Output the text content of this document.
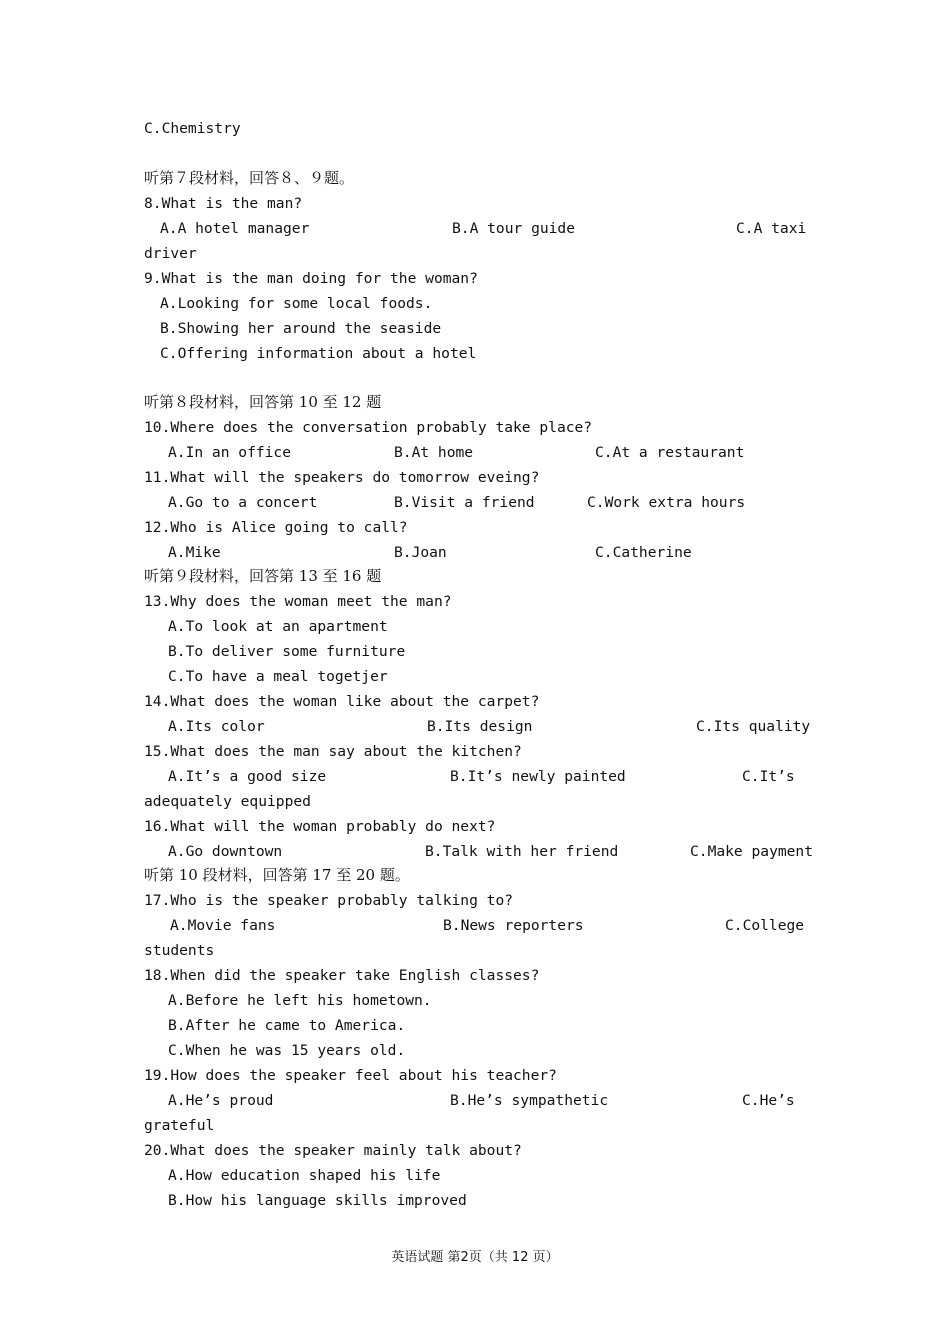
C.Chemistry
听第７段材料，回答８、９题。
8.What is the man?

A.A hotel manager

	B.A tour guide

	C.A taxi

driver
9.What is the man doing for the woman?
A.Looking for some local foods.
B.Showing her around the seaside
C.Offering information about a hotel
听第８段材料，回答第 10 至 12 题
10.Where does the conversation probably take place?

A.In an office

	B.At home

	C.At a restaurant

11.What will the speakers do tomorrow eveing?

A.Go to a concert

	B.Visit a friend

	C.Work extra hours

12.Who is Alice going to call?

A.Mike

	B.Joan

	C.Catherine

听第９段材料，回答第 13 至 16 题
13.Why does the woman meet the man?
A.To look at an apartment
B.To deliver some furniture
C.To have a meal togetjer
14.What does the woman like about the carpet?

A.Its color

	B.Its design

	C.Its quality

15.What does the man say about the kitchen?

A.It’s a good size

	B.It’s newly painted

	C.It’s

adequately equipped
16.What will the woman probably do next?

A.Go downtown

	B.Talk with her friend

	C.Make payment

听第 10 段材料，回答第 17 至 20 题。
17.Who is the speaker probably talking to?

A.Movie fans

	B.News reporters

	C.College

students
18.When did the speaker take English classes?
A.Before he left his hometown.
B.After he came to America.
C.When he was 15 years old.
19.How does the speaker feel about his teacher?

A.He’s proud

	B.He’s sympathetic

	C.He’s

grateful
20.What does the speaker mainly talk about?
A.How education shaped his life
B.How his language skills improved
英语试题 第2页（共 12 页）
